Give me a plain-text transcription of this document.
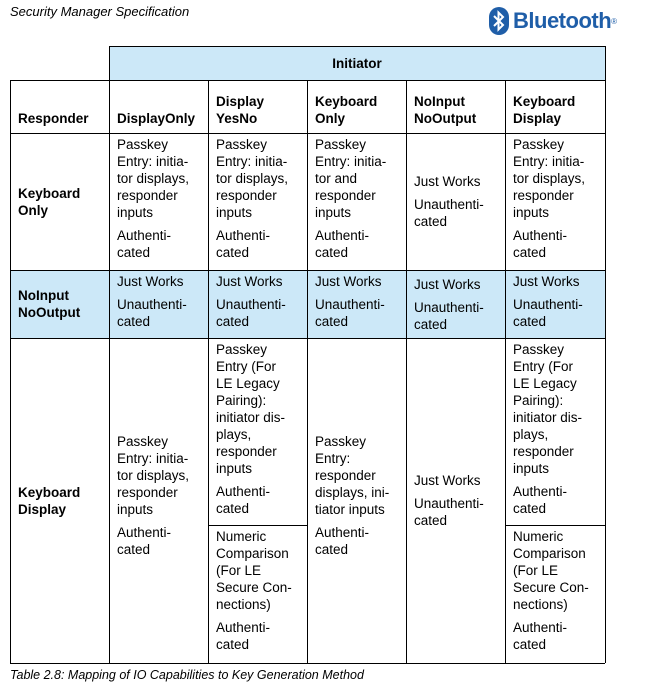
Security Manager Specification	Bluetooth ®
Initiator
Responder	DisplayOnly
Display
YesNo
Keyboard
Only
NoInput
NoOutput
Keyboard
Display
Keyboard
Only
Passkey
Entry: initia-
tor displays,
responder
inputs
Authenti-
cated
Passkey
Entry: initia-
tor displays,
responder
inputs
Authenti-
cated
Passkey
Entry: initia-
tor and
responder
inputs
Authenti-
cated
Just Works
Unauthenti-
cated
Passkey
Entry: initia-
tor displays,
responder
inputs
Authenti-
cated
NoInput
NoOutput
Just Works
Unauthenti-
cated
Just Works
Unauthenti-
cated
Just Works
Unauthenti-
cated
Just Works
Unauthenti-
cated
Just Works
Unauthenti-
cated
Keyboard
Display
Passkey
Entry: initia-
tor displays,
responder
inputs
Authenti-
cated
Passkey
Entry (For
LE Legacy
Pairing):
initiator dis-
plays,
responder
inputs
Authenti-
cated
Numeric
Comparison
(For LE
Secure Con-
nections)
Authenti-
cated
Passkey
Entry:
responder
displays, ini-
tiator inputs
Authenti-
cated
Just Works
Unauthenti-
cated
Passkey
Entry (For
LE Legacy
Pairing):
initiator dis-
plays,
responder
inputs
Authenti-
cated
Numeric
Comparison
(For LE
Secure Con-
nections)
Authenti-
cated
Table 2.8: Mapping of IO Capabilities to Key Generation Method
